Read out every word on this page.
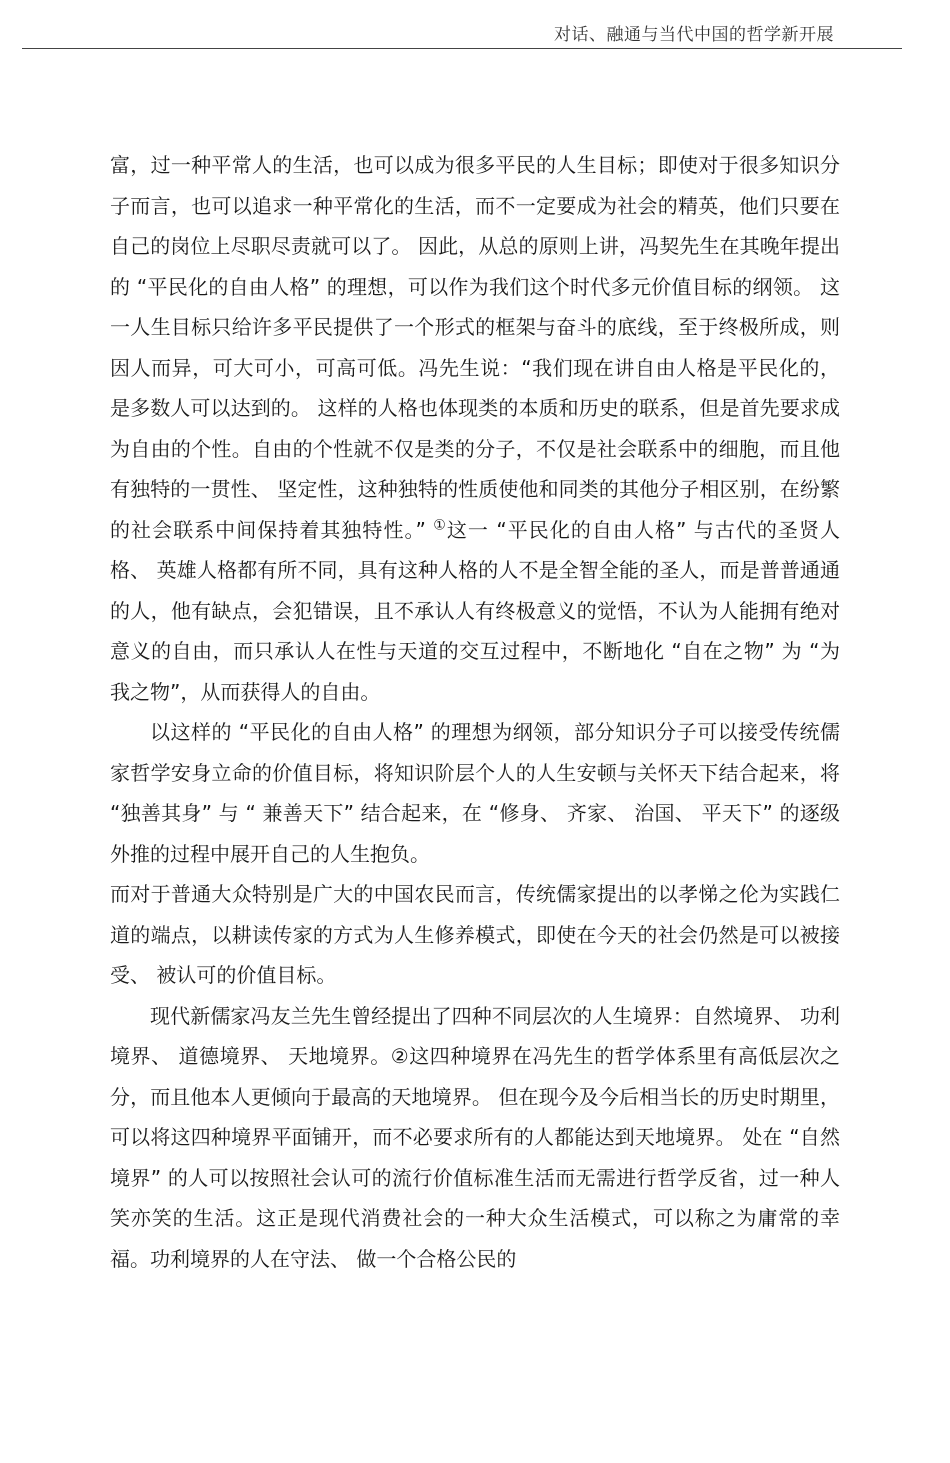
对话、融通与当代中国的哲学新开展

富，过一种平常人的生活，也可以成为很多平民的人生目标；即使对于很多知识分子而言，也可以追求一种平常化的生活，而不一定要成为社会的精英，他们只要在自己的岗位上尽职尽责就可以了。 因此，从总的原则上讲，冯契先生在其晚年提出的 “平民化的自由人格” 的理想，可以作为我们这个时代多元价值目标的纲领。 这一人生目标只给许多平民提供了一个形式的框架与奋斗的底线，至于终极所成，则因人而异，可大可小，可高可低。冯先生说：“我们现在讲自由人格是平民化的，是多数人可以达到的。 这样的人格也体现类的本质和历史的联系，但是首先要求成为自由的个性。自由的个性就不仅是类的分子，不仅是社会联系中的细胞，而且他有独特的一贯性、 坚定性，这种独特的性质使他和同类的其他分子相区别，在纷繁的社会联系中间保持着其独特性。” ①这一 “平民化的自由人格” 与古代的圣贤人格、 英雄人格都有所不同，具有这种人格的人不是全智全能的圣人，而是普普通通的人，他有缺点，会犯错误，且不承认人有终极意义的觉悟，不认为人能拥有绝对意义的自由，而只承认人在性与天道的交互过程中，不断地化 “自在之物” 为 “为我之物”，从而获得人的自由。

以这样的 “平民化的自由人格” 的理想为纲领，部分知识分子可以接受传统儒家哲学安身立命的价值目标，将知识阶层个人的人生安顿与关怀天下结合起来，将 “独善其身” 与 “ 兼善天下” 结合起来，在 “修身、 齐家、 治国、 平天下” 的逐级外推的过程中展开自己的人生抱负。

而对于普通大众特别是广大的中国农民而言，传统儒家提出的以孝悌之伦为实践仁道的端点，以耕读传家的方式为人生修养模式，即使在今天的社会仍然是可以被接受、 被认可的价值目标。

现代新儒家冯友兰先生曾经提出了四种不同层次的人生境界：自然境界、 功利境界、 道德境界、 天地境界。②这四种境界在冯先生的哲学体系里有高低层次之分，而且他本人更倾向于最高的天地境界。 但在现今及今后相当长的历史时期里，可以将这四种境界平面铺开，而不必要求所有的人都能达到天地境界。 处在 “自然境界” 的人可以按照社会认可的流行价值标准生活而无需进行哲学反省，过一种人笑亦笑的生活。这正是现代消费社会的一种大众生活模式，可以称之为庸常的幸福。功利境界的人在守法、 做一个合格公民的
